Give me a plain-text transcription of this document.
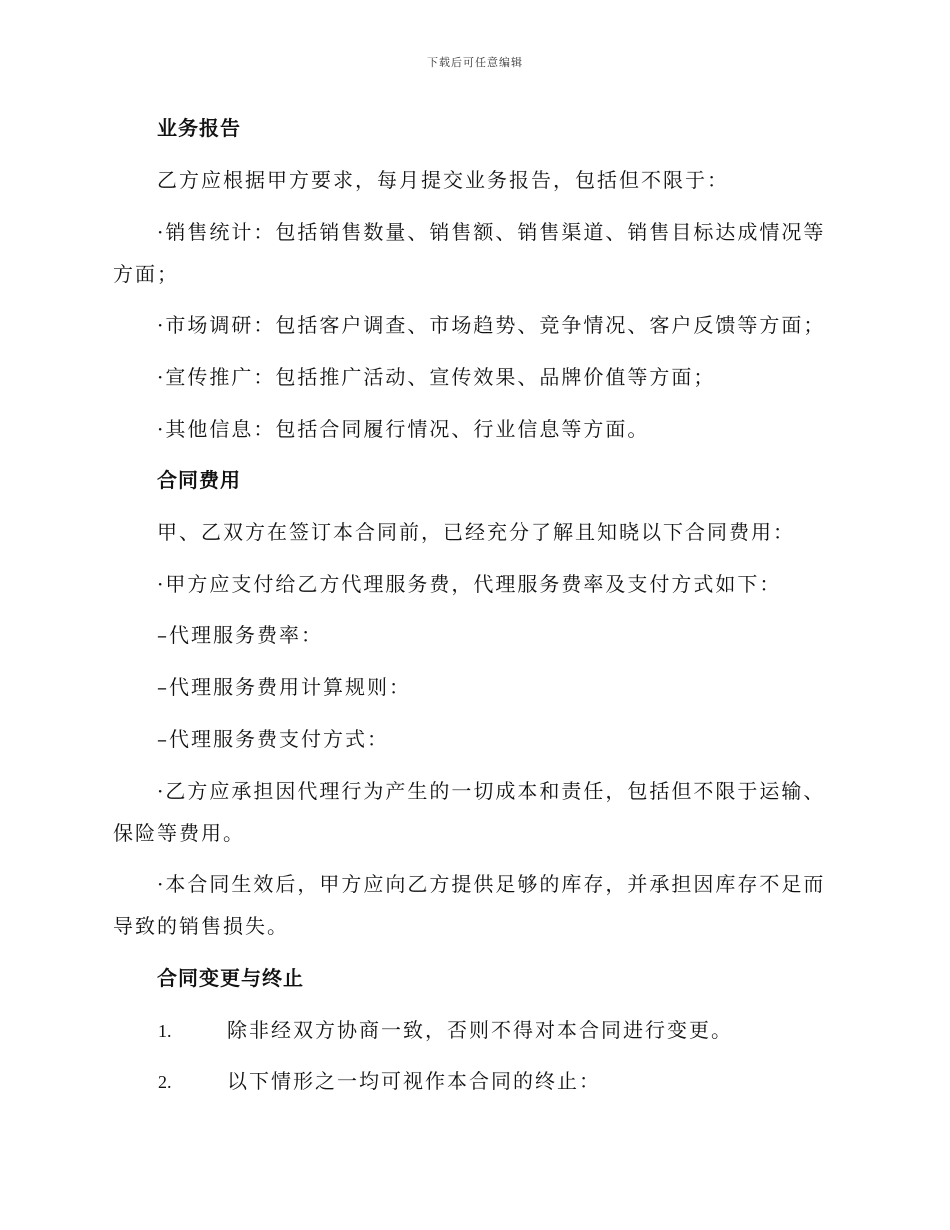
下载后可任意编辑
业务报告
乙方应根据甲方要求，每月提交业务报告，包括但不限于：
·销售统计：包括销售数量、销售额、销售渠道、销售目标达成情况等
方面；
·市场调研：包括客户调查、市场趋势、竞争情况、客户反馈等方面；
·宣传推广：包括推广活动、宣传效果、品牌价值等方面；
·其他信息：包括合同履行情况、行业信息等方面。
合同费用
甲、乙双方在签订本合同前，已经充分了解且知晓以下合同费用：
·甲方应支付给乙方代理服务费，代理服务费率及支付方式如下：
–代理服务费率：
–代理服务费用计算规则：
–代理服务费支付方式：
·乙方应承担因代理行为产生的一切成本和责任，包括但不限于运输、
保险等费用。
·本合同生效后，甲方应向乙方提供足够的库存，并承担因库存不足而
导致的销售损失。
合同变更与终止
1.	除非经双方协商一致，否则不得对本合同进行变更。
2.	以下情形之一均可视作本合同的终止：
